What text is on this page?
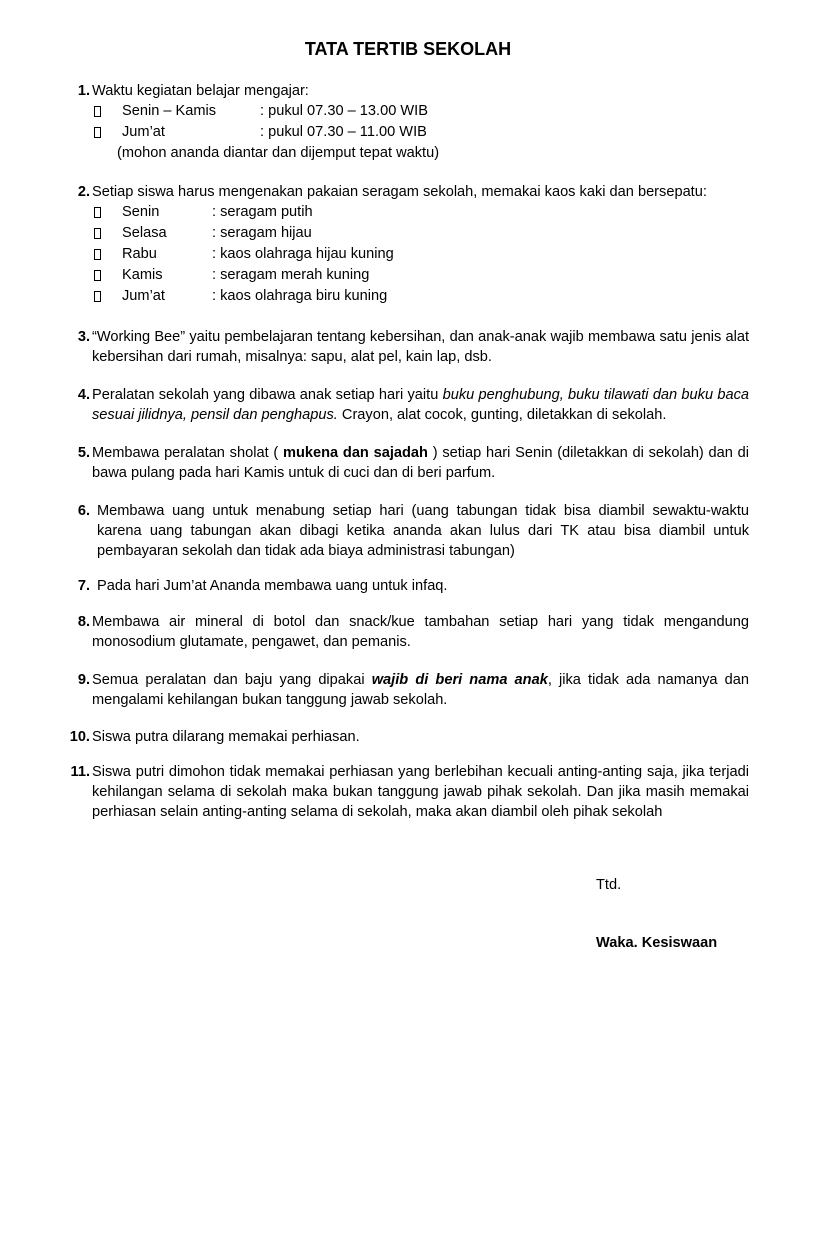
TATA TERTIB SEKOLAH
1. Waktu kegiatan belajar mengajar:
Senin – Kamis	: pukul 07.30 – 13.00 WIB
Jum’at	: pukul 07.30 – 11.00 WIB
(mohon ananda diantar dan dijemput tepat waktu)
2. Setiap siswa harus mengenakan pakaian seragam sekolah, memakai kaos kaki dan bersepatu:
Senin	: seragam putih
Selasa	: seragam hijau
Rabu	: kaos olahraga hijau kuning
Kamis	: seragam merah kuning
Jum’at	: kaos olahraga biru kuning
3. “Working Bee” yaitu pembelajaran tentang kebersihan, dan anak-anak wajib membawa satu jenis alat kebersihan dari rumah, misalnya: sapu, alat pel, kain lap, dsb.
4. Peralatan sekolah yang dibawa anak setiap hari yaitu buku penghubung, buku tilawati dan buku baca sesuai jilidnya, pensil dan penghapus. Crayon, alat cocok, gunting, diletakkan di sekolah.
5. Membawa peralatan sholat ( mukena dan sajadah ) setiap hari Senin (diletakkan di sekolah) dan di bawa pulang pada hari Kamis untuk di cuci dan di beri parfum.
6. Membawa uang untuk menabung setiap hari (uang tabungan tidak bisa diambil sewaktu-waktu karena uang tabungan akan dibagi ketika ananda akan lulus dari TK atau bisa diambil untuk pembayaran sekolah dan tidak ada biaya administrasi tabungan)
7. Pada hari Jum’at Ananda membawa uang untuk infaq.
8. Membawa air mineral di botol dan snack/kue tambahan setiap hari yang tidak mengandung monosodium glutamate, pengawet, dan pemanis.
9. Semua peralatan dan baju yang dipakai wajib di beri nama anak, jika tidak ada namanya dan mengalami kehilangan bukan tanggung jawab sekolah.
10. Siswa putra dilarang memakai perhiasan.
11. Siswa putri dimohon tidak memakai perhiasan yang berlebihan kecuali anting-anting saja, jika terjadi kehilangan selama di sekolah maka bukan tanggung jawab pihak sekolah. Dan jika masih memakai perhiasan selain anting-anting selama di sekolah, maka akan diambil oleh pihak sekolah
Ttd.
Waka. Kesiswaan
